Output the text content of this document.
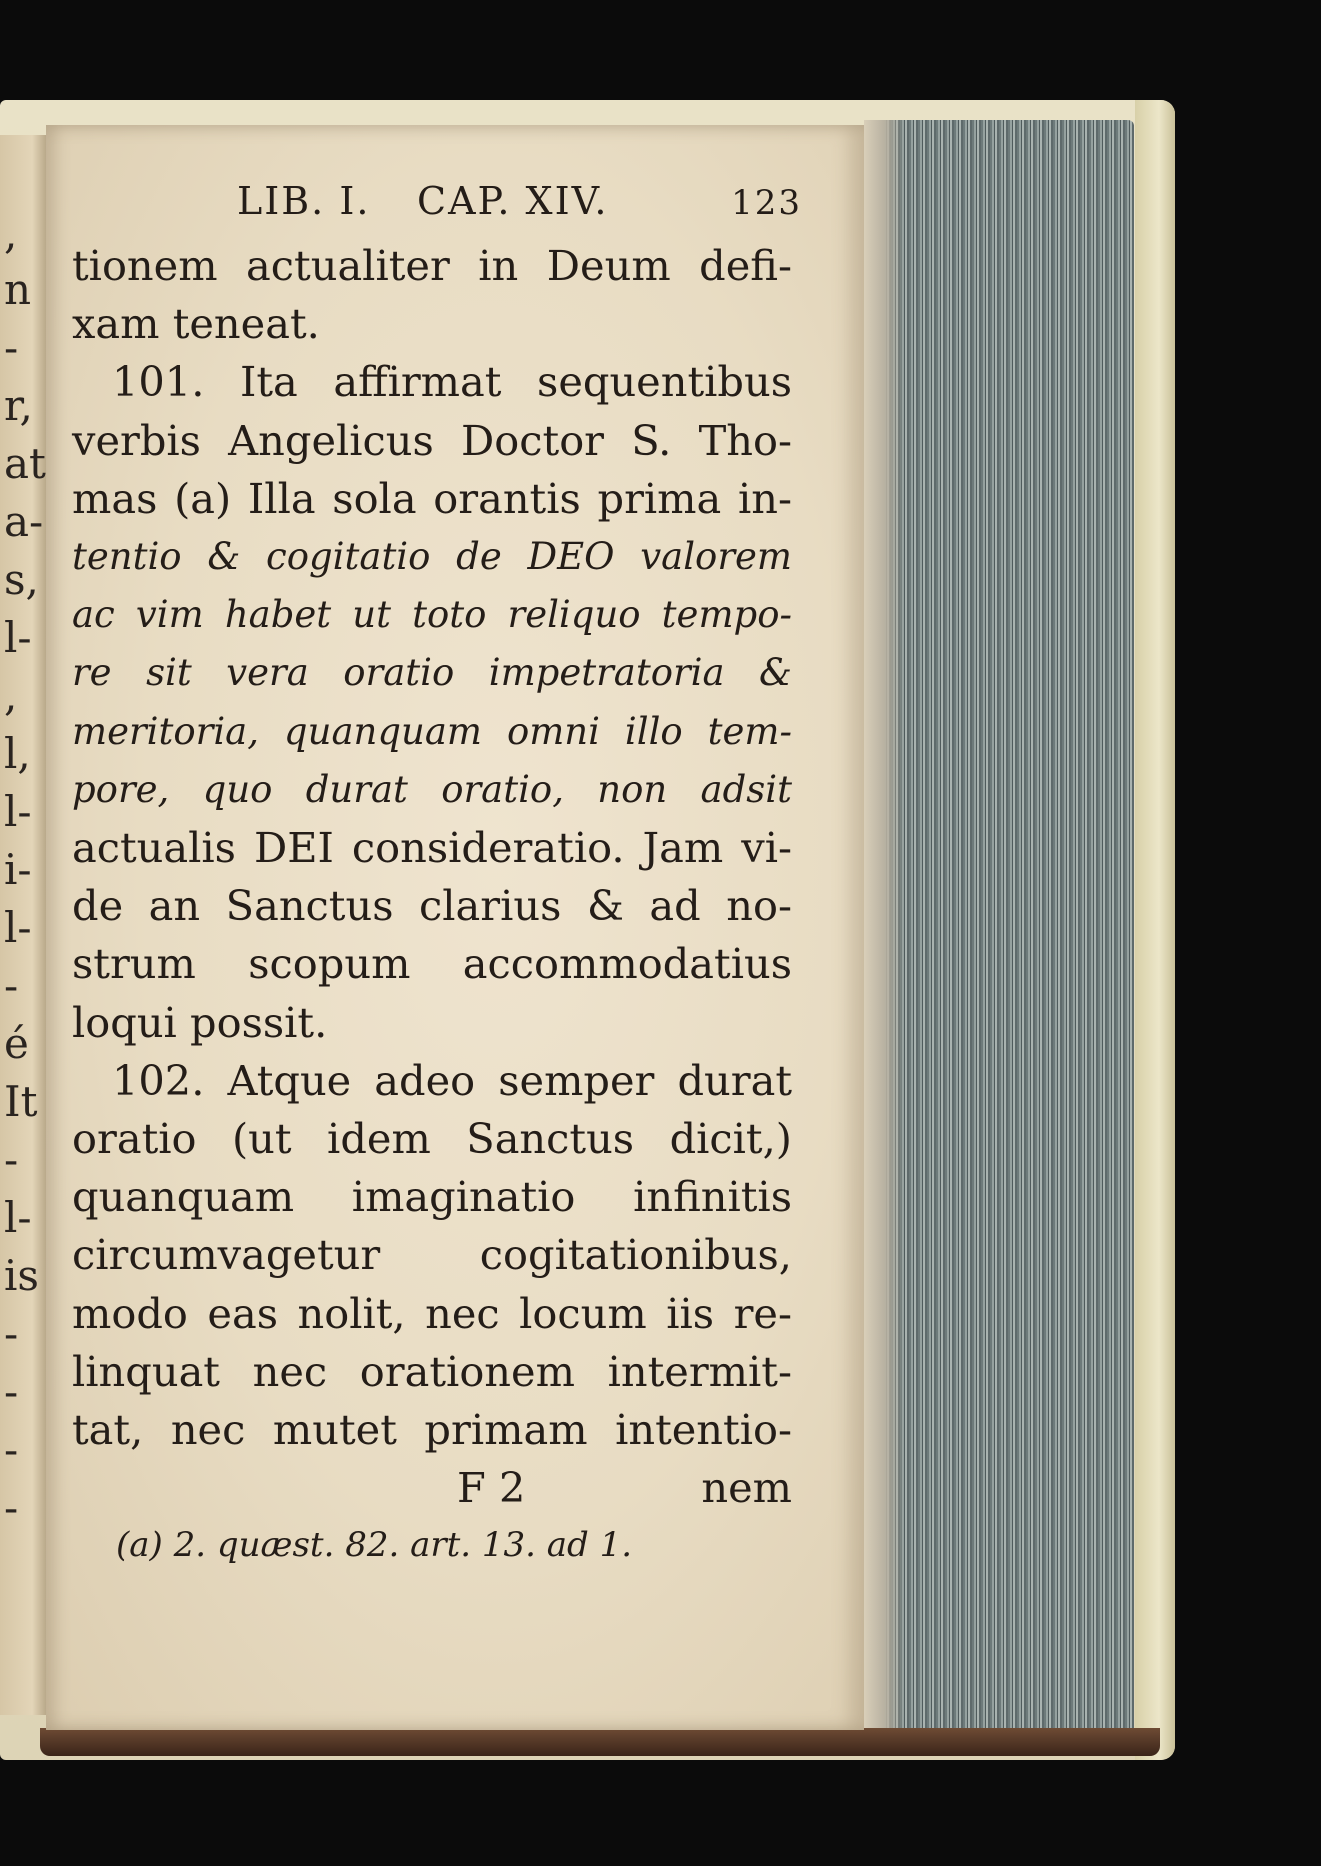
,
n
-
r,
at
a-
s,
l-
,
l,
l-
i-
l-
-
é
It
-
l-
is
-
-
-
-
LIB. I. CAP. XIV.	123
tionem actualiter in Deum defi-
xam teneat.
101. Ita affirmat sequentibus
verbis Angelicus Doctor S. Tho-
mas (a) Illa sola orantis prima in-
tentio & cogitatio de DEO valorem
ac vim habet ut toto reliquo tempo-
re sit vera oratio impetratoria &
meritoria, quanquam omni illo tem-
pore, quo durat oratio, non adsit
actualis DEI consideratio. Jam vi-
de an Sanctus clarius & ad no-
strum scopum accommodatius
loqui possit.
102. Atque adeo semper durat
oratio (ut idem Sanctus dicit,)
quanquam imaginatio infinitis
circumvagetur cogitationibus,
modo eas nolit, nec locum iis re-
linquat nec orationem intermit-
tat, nec mutet primam intentio-
F 2	nem
(a) 2. quæst. 82. art. 13. ad 1.
